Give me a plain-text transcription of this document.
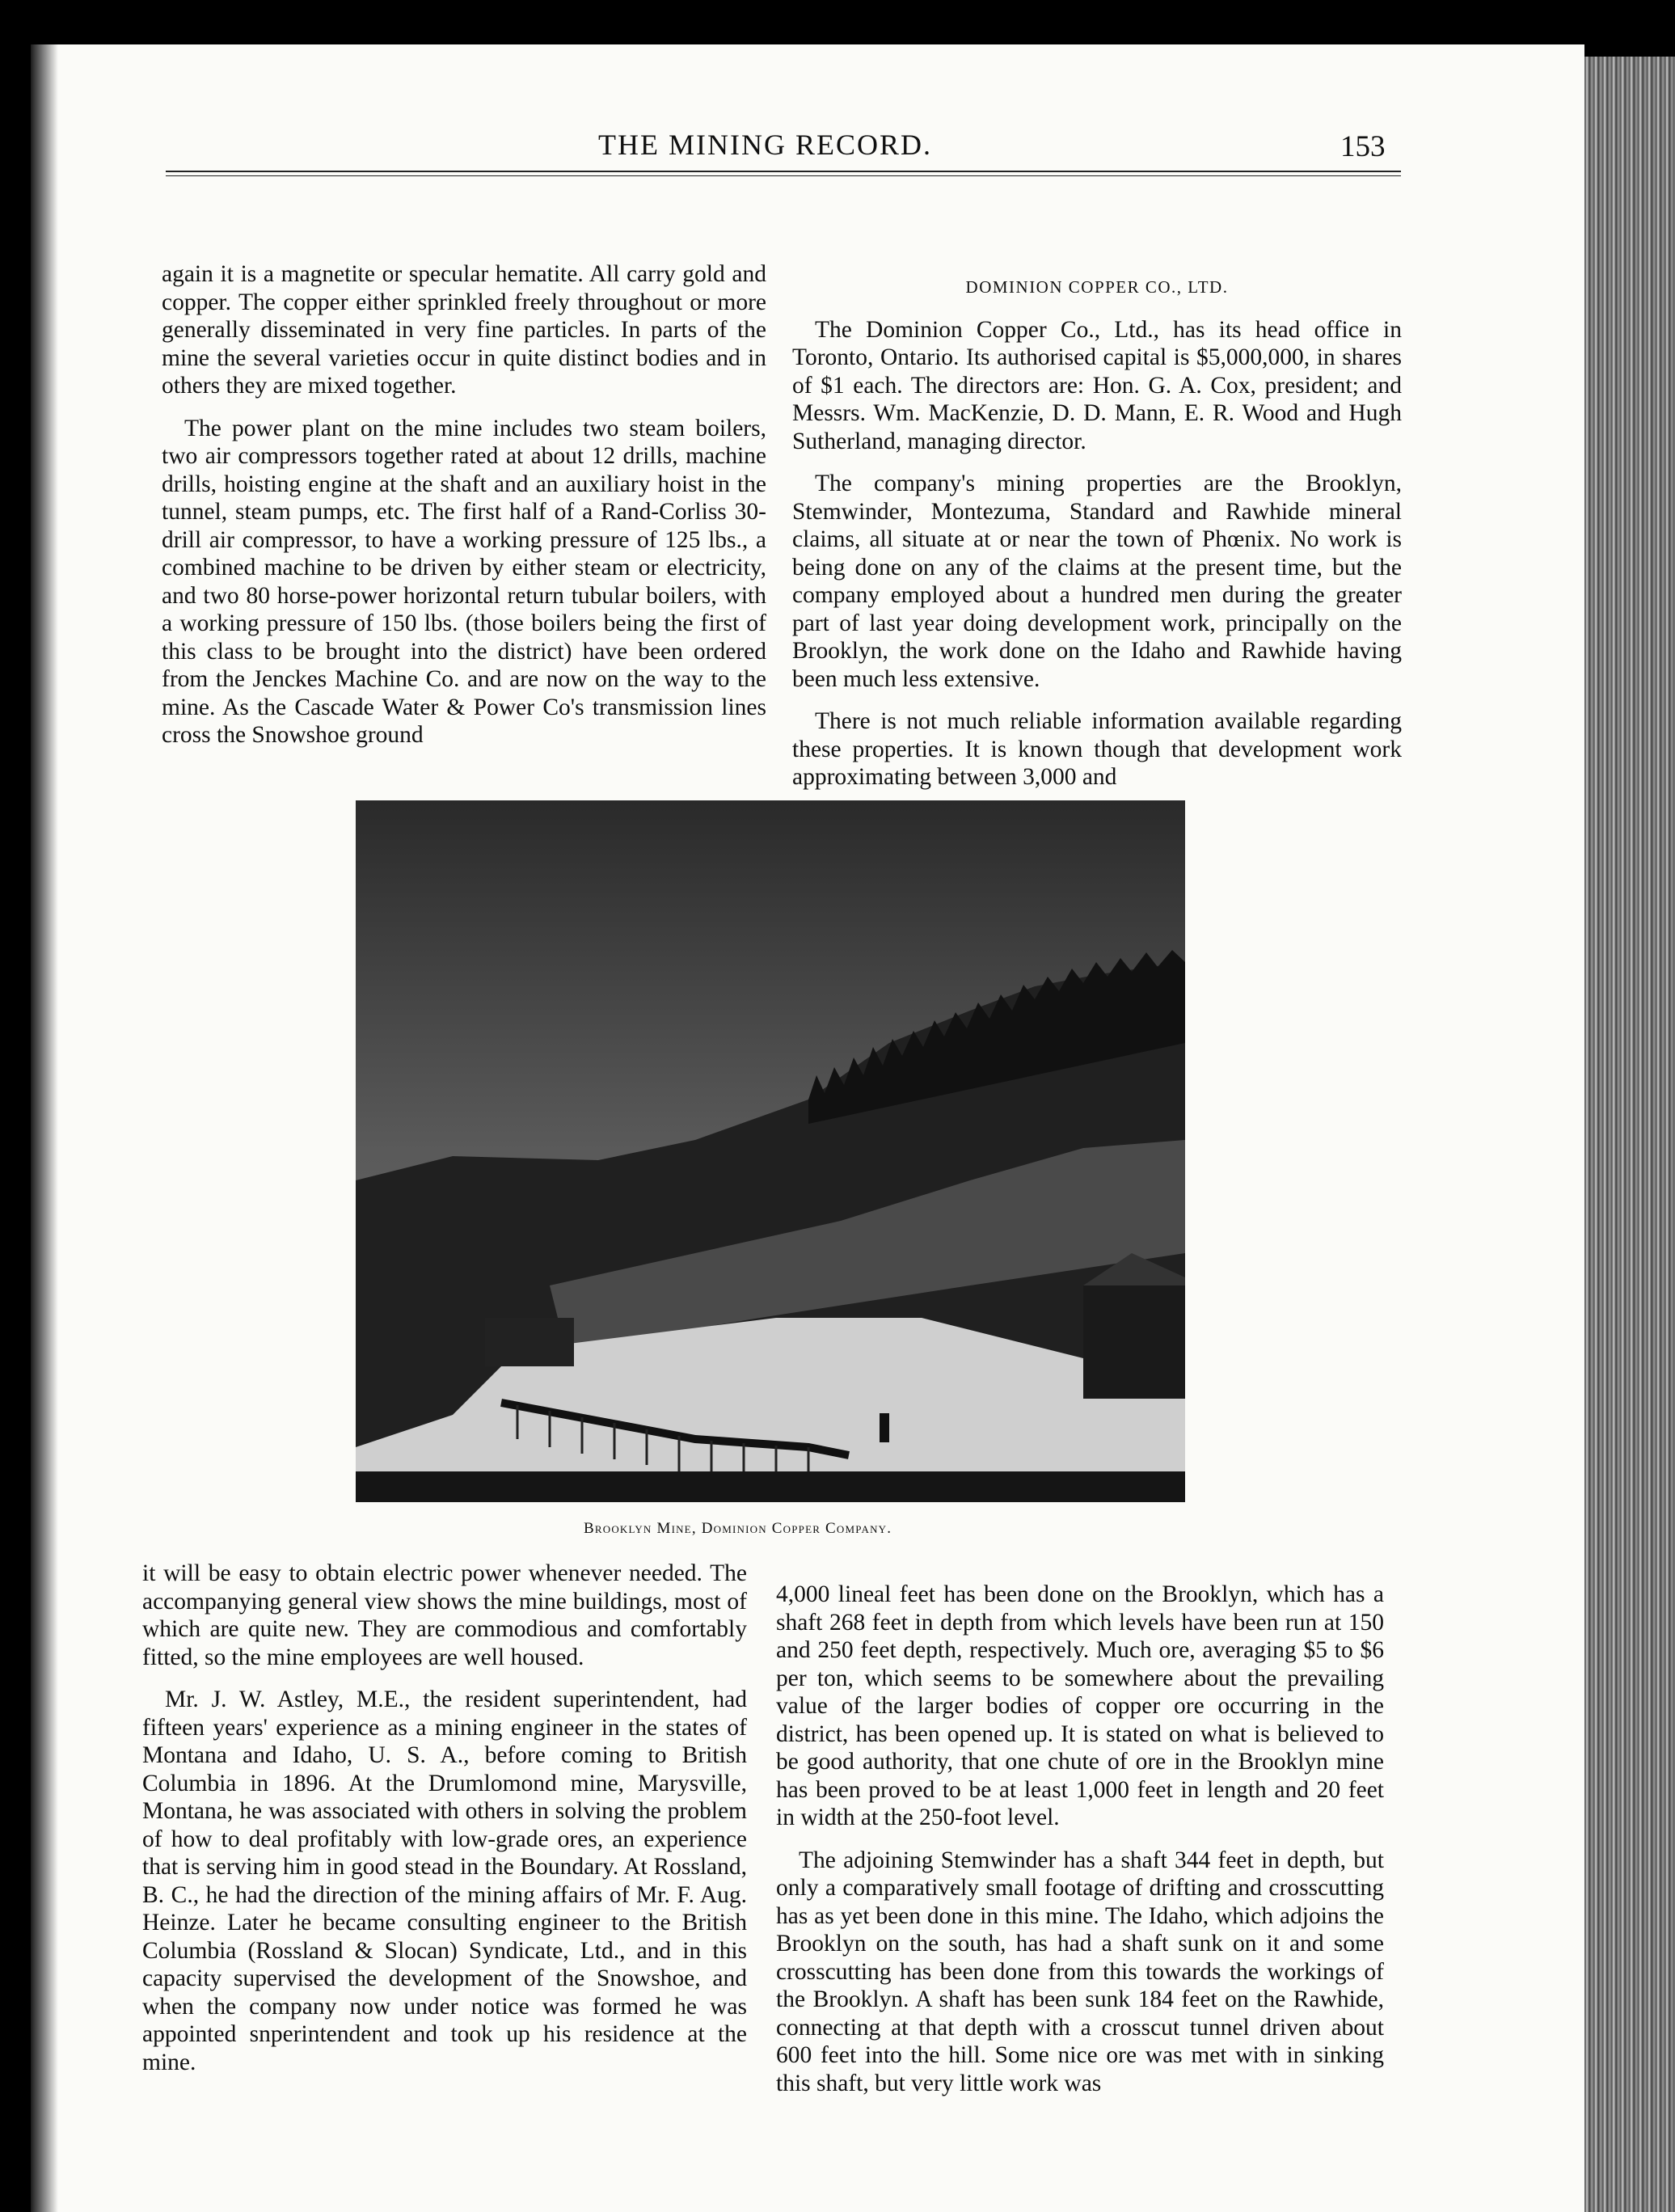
THE MINING RECORD.	153

again it is a magnetite or specular hematite. All carry gold and copper. The copper either sprinkled freely throughout or more generally disseminated in very fine particles. In parts of the mine the several varieties occur in quite distinct bodies and in others they are mixed together.

The power plant on the mine includes two steam boilers, two air compressors together rated at about 12 drills, machine drills, hoisting engine at the shaft and an auxiliary hoist in the tunnel, steam pumps, etc. The first half of a Rand-Corliss 30-drill air compressor, to have a working pressure of 125 lbs., a combined machine to be driven by either steam or electricity, and two 80 horse-power horizontal return tubular boilers, with a working pressure of 150 lbs. (those boilers being the first of this class to be brought into the district) have been ordered from the Jenckes Machine Co. and are now on the way to the mine. As the Cascade Water & Power Co's transmission lines cross the Snowshoe ground

DOMINION COPPER CO., LTD.

The Dominion Copper Co., Ltd., has its head office in Toronto, Ontario. Its authorised capital is $5,000,000, in shares of $1 each. The directors are: Hon. G. A. Cox, president; and Messrs. Wm. MacKenzie, D. D. Mann, E. R. Wood and Hugh Sutherland, managing director.

The company's mining properties are the Brooklyn, Stemwinder, Montezuma, Standard and Rawhide mineral claims, all situate at or near the town of Phœnix. No work is being done on any of the claims at the present time, but the company employed about a hundred men during the greater part of last year doing development work, principally on the Brooklyn, the work done on the Idaho and Rawhide having been much less extensive.

There is not much reliable information available regarding these properties. It is known though that development work approximating between 3,000 and

Brooklyn Mine, Dominion Copper Company.

it will be easy to obtain electric power whenever needed. The accompanying general view shows the mine buildings, most of which are quite new. They are commodious and comfortably fitted, so the mine employees are well housed.

Mr. J. W. Astley, M.E., the resident superintendent, had fifteen years' experience as a mining engineer in the states of Montana and Idaho, U. S. A., before coming to British Columbia in 1896. At the Drumlomond mine, Marysville, Montana, he was associated with others in solving the problem of how to deal profitably with low-grade ores, an experience that is serving him in good stead in the Boundary. At Rossland, B. C., he had the direction of the mining affairs of Mr. F. Aug. Heinze. Later he became consulting engineer to the British Columbia (Rossland & Slocan) Syndicate, Ltd., and in this capacity supervised the development of the Snowshoe, and when the company now under notice was formed he was appointed snperintendent and took up his residence at the mine.

4,000 lineal feet has been done on the Brooklyn, which has a shaft 268 feet in depth from which levels have been run at 150 and 250 feet depth, respectively. Much ore, averaging $5 to $6 per ton, which seems to be somewhere about the prevailing value of the larger bodies of copper ore occurring in the district, has been opened up. It is stated on what is believed to be good authority, that one chute of ore in the Brooklyn mine has been proved to be at least 1,000 feet in length and 20 feet in width at the 250-foot level.

The adjoining Stemwinder has a shaft 344 feet in depth, but only a comparatively small footage of drifting and crosscutting has as yet been done in this mine. The Idaho, which adjoins the Brooklyn on the south, has had a shaft sunk on it and some crosscutting has been done from this towards the workings of the Brooklyn. A shaft has been sunk 184 feet on the Rawhide, connecting at that depth with a crosscut tunnel driven about 600 feet into the hill. Some nice ore was met with in sinking this shaft, but very little work was
